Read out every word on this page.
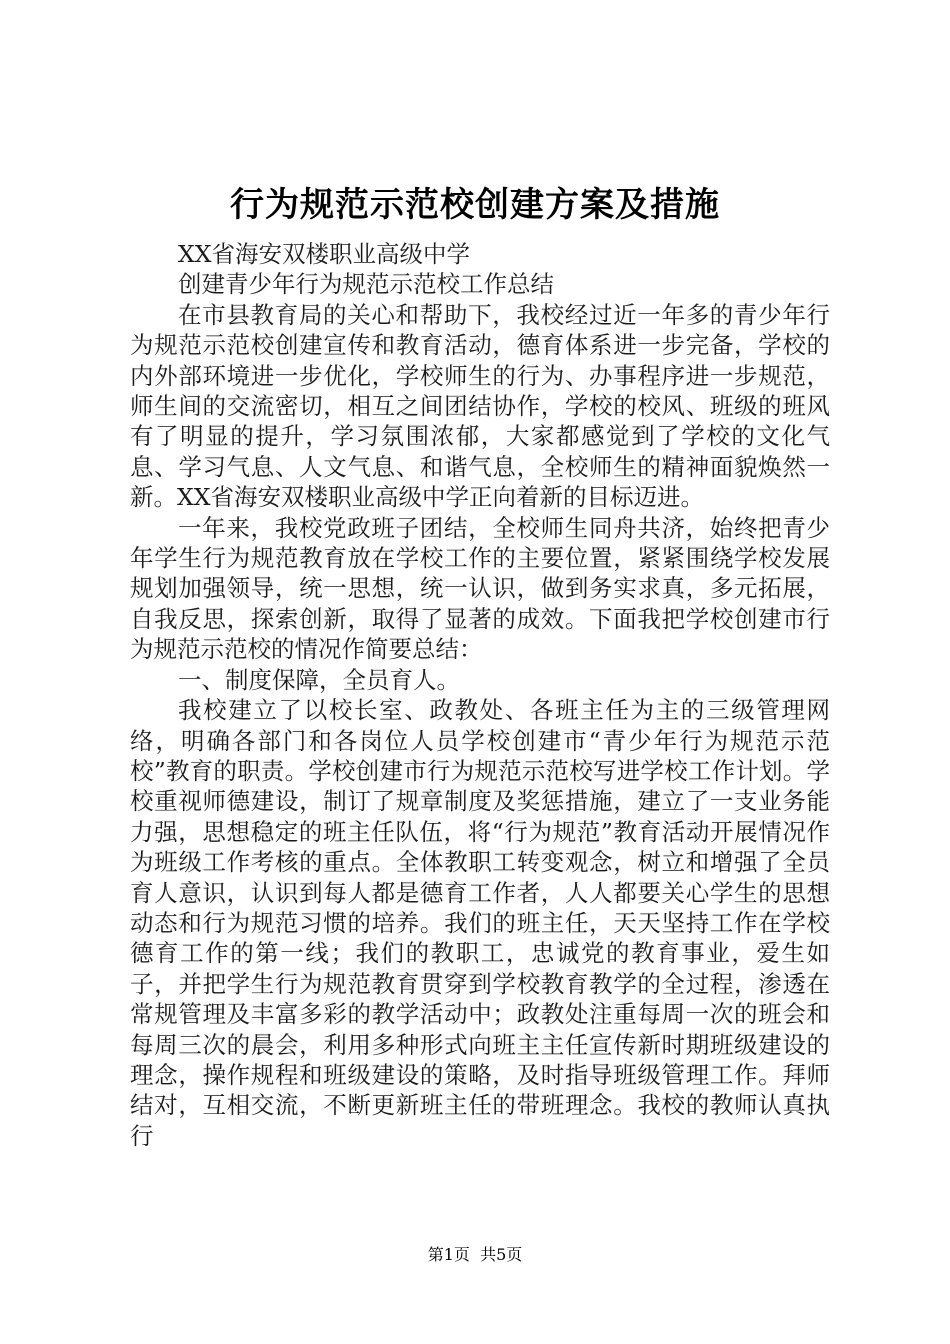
行为规范示范校创建方案及措施

XX省海安双楼职业高级中学

创建青少年行为规范示范校工作总结

在市县教育局的关心和帮助下，我校经过近一年多的青少年行为规范示范校创建宣传和教育活动，德育体系进一步完备，学校的内外部环境进一步优化，学校师生的行为、办事程序进一步规范，师生间的交流密切，相互之间团结协作，学校的校风、班级的班风有了明显的提升，学习氛围浓郁，大家都感觉到了学校的文化气息、学习气息、人文气息、和谐气息，全校师生的精神面貌焕然一新。XX省海安双楼职业高级中学正向着新的目标迈进。

一年来，我校党政班子团结，全校师生同舟共济，始终把青少年学生行为规范教育放在学校工作的主要位置，紧紧围绕学校发展规划加强领导，统一思想，统一认识，做到务实求真，多元拓展，自我反思，探索创新，取得了显著的成效。下面我把学校创建市行为规范示范校的情况作简要总结：

一、制度保障，全员育人。

我校建立了以校长室、政教处、各班主任为主的三级管理网络，明确各部门和各岗位人员学校创建市“青少年行为规范示范校”教育的职责。学校创建市行为规范示范校写进学校工作计划。学校重视师德建设，制订了规章制度及奖惩措施，建立了一支业务能力强，思想稳定的班主任队伍，将“行为规范”教育活动开展情况作为班级工作考核的重点。全体教职工转变观念，树立和增强了全员育人意识，认识到每人都是德育工作者，人人都要关心学生的思想动态和行为规范习惯的培养。我们的班主任，天天坚持工作在学校德育工作的第一线；我们的教职工，忠诚党的教育事业，爱生如子，并把学生行为规范教育贯穿到学校教育教学的全过程，渗透在常规管理及丰富多彩的教学活动中；政教处注重每周一次的班会和每周三次的晨会，利用多种形式向班主主任宣传新时期班级建设的理念，操作规程和班级建设的策略，及时指导班级管理工作。拜师结对，互相交流，不断更新班主任的带班理念。我校的教师认真执行

第1页 共5页
